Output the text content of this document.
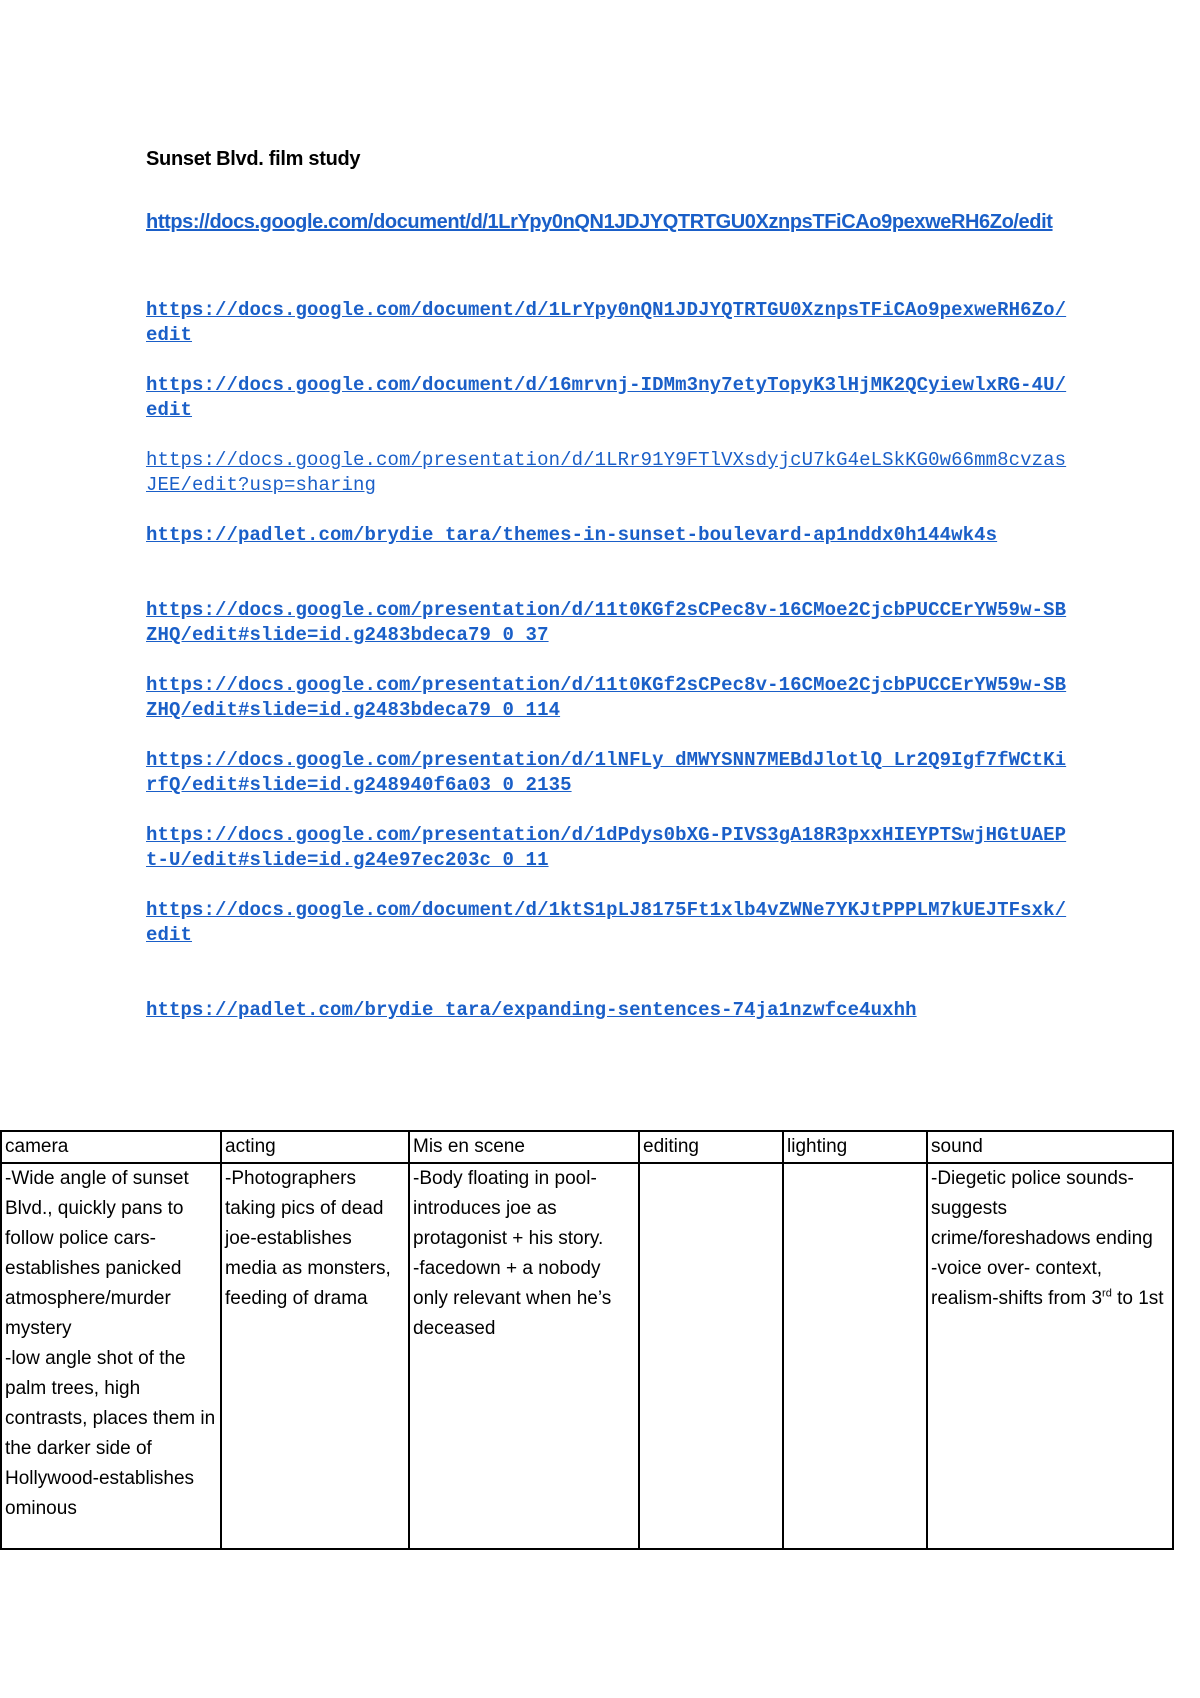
Sunset Blvd. film study
https://docs.google.com/document/d/1LrYpy0nQN1JDJYQTRTGU0XznpsTFiCAo9pexweRH6Zo/edit
https://docs.google.com/document/d/1LrYpy0nQN1JDJYQTRTGU0XznpsTFiCAo9pexweRH6Zo/edit
https://docs.google.com/document/d/16mrvnj-IDMm3ny7etyTopyK3lHjMK2QCyiewlxRG-4U/edit
https://docs.google.com/presentation/d/1LRr91Y9FTlVXsdyjcU7kG4eLSkKG0w66mm8cvzasJEE/edit?usp=sharing
https://padlet.com/brydie_tara/themes-in-sunset-boulevard-ap1nddx0h144wk4s
https://docs.google.com/presentation/d/11t0KGf2sCPec8v-16CMoe2CjcbPUCCErYW59w-SBZHQ/edit#slide=id.g2483bdeca79_0_37
https://docs.google.com/presentation/d/11t0KGf2sCPec8v-16CMoe2CjcbPUCCErYW59w-SBZHQ/edit#slide=id.g2483bdeca79_0_114
https://docs.google.com/presentation/d/1lNFLy_dMWYSNN7MEBdJlotlQ_Lr2Q9Igf7fWCtKirfQ/edit#slide=id.g248940f6a03_0_2135
https://docs.google.com/presentation/d/1dPdys0bXG-PIVS3gA18R3pxxHIEYPTSwjHGtUAEPt-U/edit#slide=id.g24e97ec203c_0_11
https://docs.google.com/document/d/1ktS1pLJ8175Ft1xlb4vZWNe7YKJtPPPLM7kUEJTFsxk/edit
https://padlet.com/brydie_tara/expanding-sentences-74ja1nzwfce4uxhh
camera	acting	Mis en scene	editing	lighting	sound

-Wide angle of sunset Blvd., quickly pans to follow police cars-establishes panicked atmosphere/murder mystery
-low angle shot of the palm trees, high contrasts, places them in the darker side of Hollywood-establishes ominous	-Photographers taking pics of dead joe-establishes media as monsters, feeding of drama	-Body floating in pool-introduces joe as protagonist + his story.
-facedown + a nobody only relevant when he’s deceased			-Diegetic police sounds-suggests crime/foreshadows ending
-voice over- context, realism-shifts from 3rd to 1st
